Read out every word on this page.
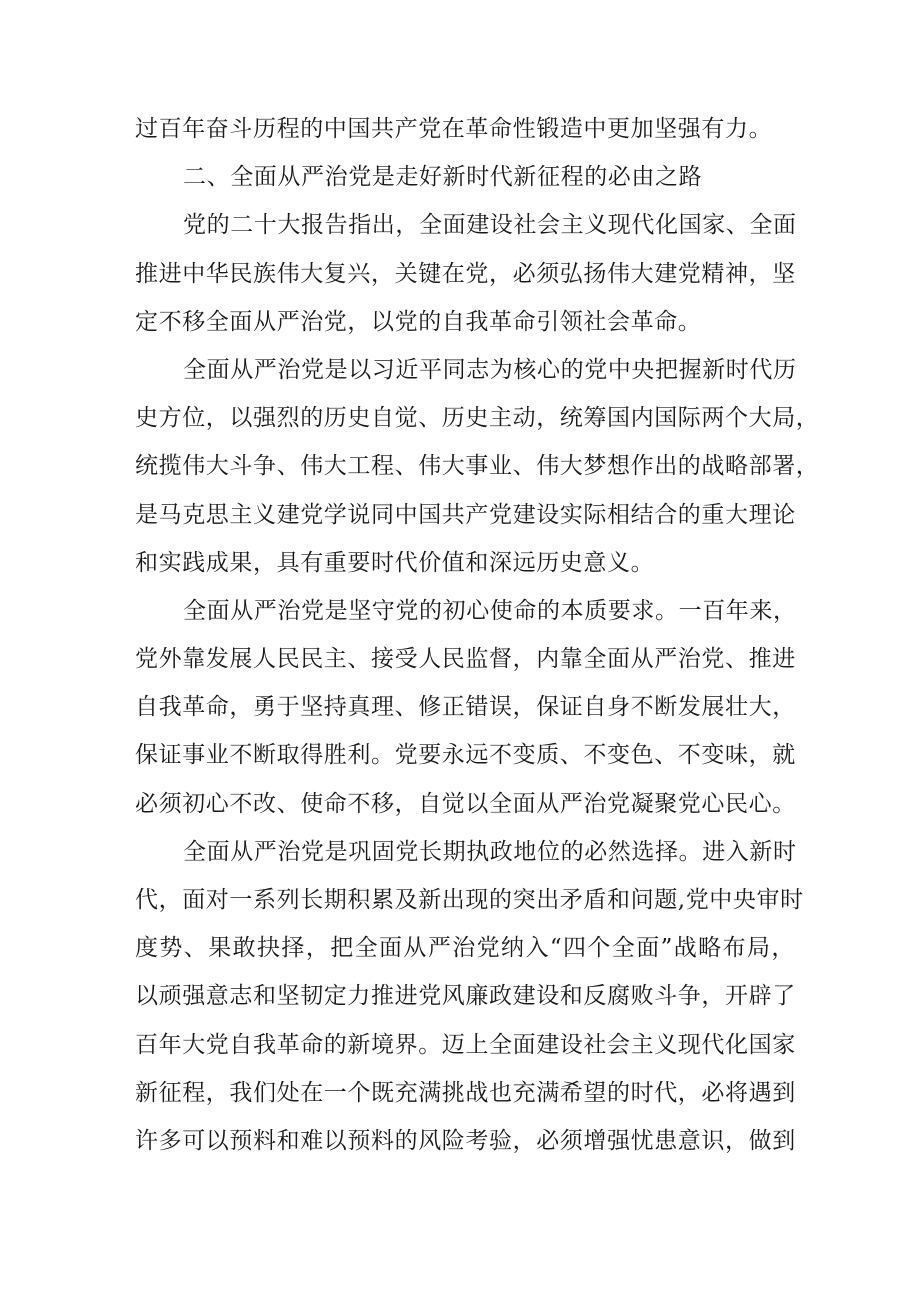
过百年奋斗历程的中国共产党在革命性锻造中更加坚强有力。
二、全面从严治党是走好新时代新征程的必由之路
党的二十大报告指出，全面建设社会主义现代化国家、全面
推进中华民族伟大复兴，关键在党，必须弘扬伟大建党精神，坚
定不移全面从严治党，以党的自我革命引领社会革命。
全面从严治党是以习近平同志为核心的党中央把握新时代历
史方位，以强烈的历史自觉、历史主动，统筹国内国际两个大局，
统揽伟大斗争、伟大工程、伟大事业、伟大梦想作出的战略部署，
是马克思主义建党学说同中国共产党建设实际相结合的重大理论
和实践成果，具有重要时代价值和深远历史意义。
全面从严治党是坚守党的初心使命的本质要求。一百年来，
党外靠发展人民民主、接受人民监督，内靠全面从严治党、推进
自我革命，勇于坚持真理、修正错误，保证自身不断发展壮大，
保证事业不断取得胜利。党要永远不变质、不变色、不变味，就
必须初心不改、使命不移，自觉以全面从严治党凝聚党心民心。
全面从严治党是巩固党长期执政地位的必然选择。进入新时
代，面对一系列长期积累及新出现的突出矛盾和问题,党中央审时
度势、果敢抉择，把全面从严治党纳入“四个全面”战略布局，
以顽强意志和坚韧定力推进党风廉政建设和反腐败斗争，开辟了
百年大党自我革命的新境界。迈上全面建设社会主义现代化国家
新征程，我们处在一个既充满挑战也充满希望的时代，必将遇到
许多可以预料和难以预料的风险考验，必须增强忧患意识，做到
